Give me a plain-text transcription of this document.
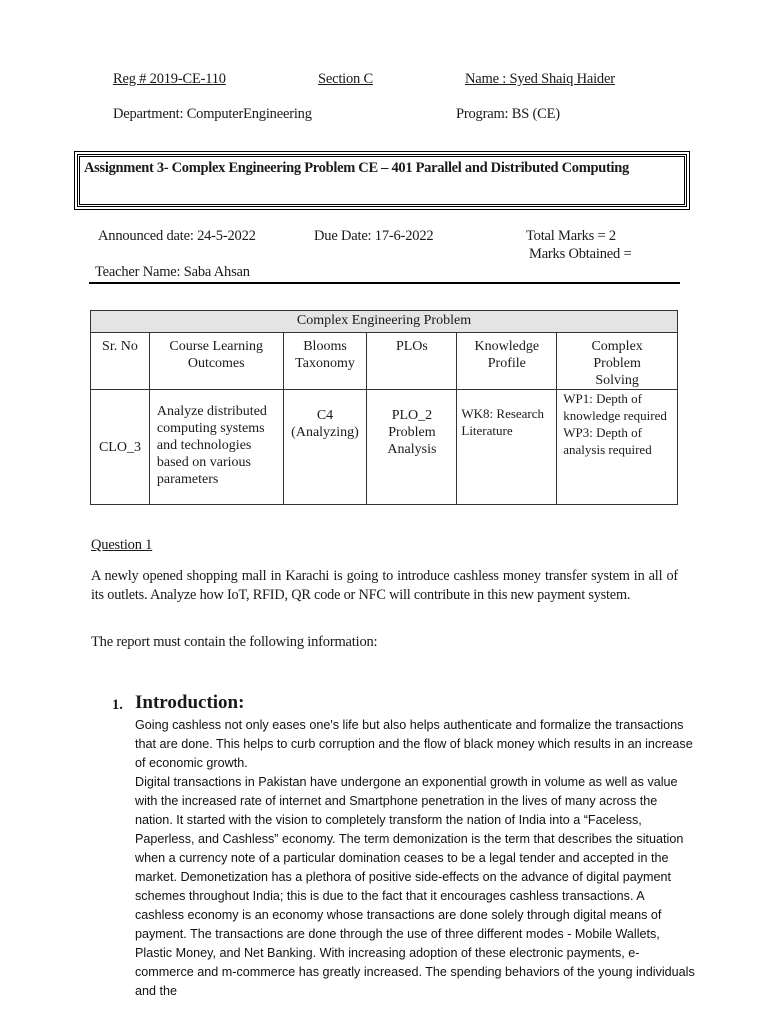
Reg # 2019-CE-110	Section C	Name : Syed Shaiq Haider
Department: ComputerEngineering	Program: BS (CE)
Assignment 3- Complex Engineering Problem CE – 401 Parallel and Distributed Computing
Announced date: 24-5-2022	Due Date: 17-6-2022	Total Marks = 2
Marks Obtained =
Teacher Name: Saba Ahsan
Complex Engineering Problem					
Sr. No	Course Learning Outcomes	Blooms Taxonomy	PLOs	Knowledge Profile	Complex Problem Solving
CLO_3	Analyze distributed computing systems and technologies based on various parameters	C4 (Analyzing)	PLO_2 Problem Analysis	WK8: Research Literature	WP1: Depth of knowledge required
WP3: Depth of analysis required
Question 1
A newly opened shopping mall in Karachi is going to introduce cashless money transfer system in all of its outlets. Analyze how IoT, RFID, QR code or NFC will contribute in this new payment system.
The report must contain the following information:
1. Introduction:

Going cashless not only eases one's life but also helps authenticate and formalize the transactions that are done. This helps to curb corruption and the flow of black money which results in an increase of economic growth.

Digital transactions in Pakistan have undergone an exponential growth in volume as well as value with the increased rate of internet and Smartphone penetration in the lives of many across the nation. It started with the vision to completely transform the nation of India into a “Faceless, Paperless, and Cashless” economy. The term demonization is the term that describes the situation when a currency note of a particular domination ceases to be a legal tender and accepted in the market. Demonetization has a plethora of positive side-effects on the advance of digital payment schemes throughout India; this is due to the fact that it encourages cashless transactions. A cashless economy is an economy whose transactions are done solely through digital means of payment. The transactions are done through the use of three different modes - Mobile Wallets, Plastic Money, and Net Banking. With increasing adoption of these electronic payments, e-commerce and m-commerce has greatly increased. The spending behaviors of the young individuals and the
